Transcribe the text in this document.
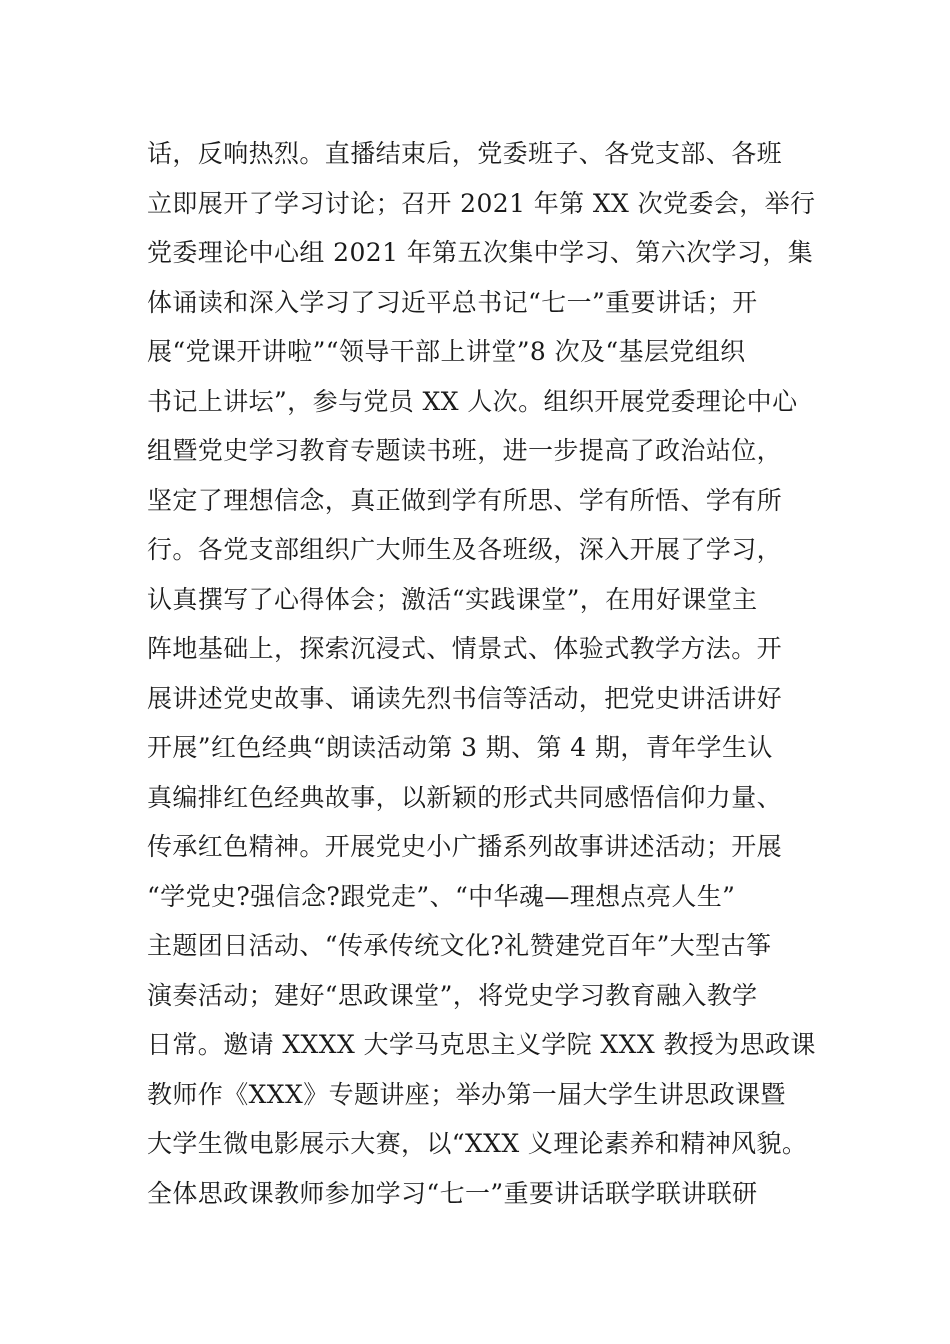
话，反响热烈。直播结束后，党委班子、各党支部、各班
立即展开了学习讨论；召开 2021 年第 XX 次党委会，举行
党委理论中心组 2021 年第五次集中学习、第六次学习，集
体诵读和深入学习了习近平总书记“七一”重要讲话；开
展“党课开讲啦”“领导干部上讲堂”8 次及“基层党组织
书记上讲坛”，参与党员 XX 人次。组织开展党委理论中心
组暨党史学习教育专题读书班，进一步提高了政治站位，
坚定了理想信念，真正做到学有所思、学有所悟、学有所
行。各党支部组织广大师生及各班级，深入开展了学习，
认真撰写了心得体会；激活“实践课堂”，在用好课堂主
阵地基础上，探索沉浸式、情景式、体验式教学方法。开
展讲述党史故事、诵读先烈书信等活动，把党史讲活讲好
开展”红色经典“朗读活动第 3 期、第 4 期，青年学生认
真编排红色经典故事，以新颖的形式共同感悟信仰力量、
传承红色精神。开展党史小广播系列故事讲述活动；开展
“学党史?强信念?跟党走”、“中华魂—理想点亮人生”
主题团日活动、“传承传统文化?礼赞建党百年”大型古筝
演奏活动；建好“思政课堂”，将党史学习教育融入教学
日常。邀请 XXXX 大学马克思主义学院 XXX 教授为思政课
教师作《XXX》专题讲座；举办第一届大学生讲思政课暨
大学生微电影展示大赛，以“XXX 义理论素养和精神风貌。
全体思政课教师参加学习“七一”重要讲话联学联讲联研
